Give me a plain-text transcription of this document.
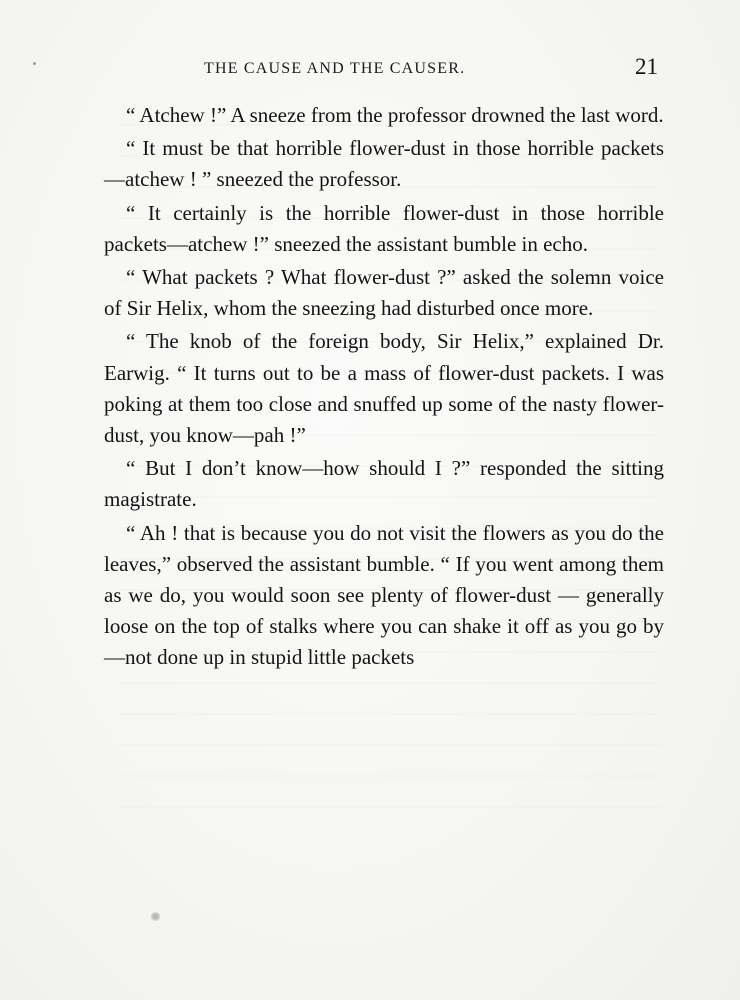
THE CAUSE AND THE CAUSER.	21

“ Atchew !” A sneeze from the professor drowned the last word.

“ It must be that horrible flower-dust in those horrible packets—atchew ! ” sneezed the professor.

“ It certainly is the horrible flower-dust in those horrible packets—atchew !” sneezed the assistant bumble in echo.

“ What packets ? What flower-dust ?” asked the solemn voice of Sir Helix, whom the sneezing had disturbed once more.

“ The knob of the foreign body, Sir Helix,” explained Dr. Earwig. “ It turns out to be a mass of flower-dust packets. I was poking at them too close and snuffed up some of the nasty flower-dust, you know—pah !”

“ But I don’t know—how should I ?” responded the sitting magistrate.

“ Ah ! that is because you do not visit the flowers as you do the leaves,” observed the assistant bumble. “ If you went among them as we do, you would soon see plenty of flower-dust — generally loose on the top of stalks where you can shake it off as you go by—not done up in stupid little packets
